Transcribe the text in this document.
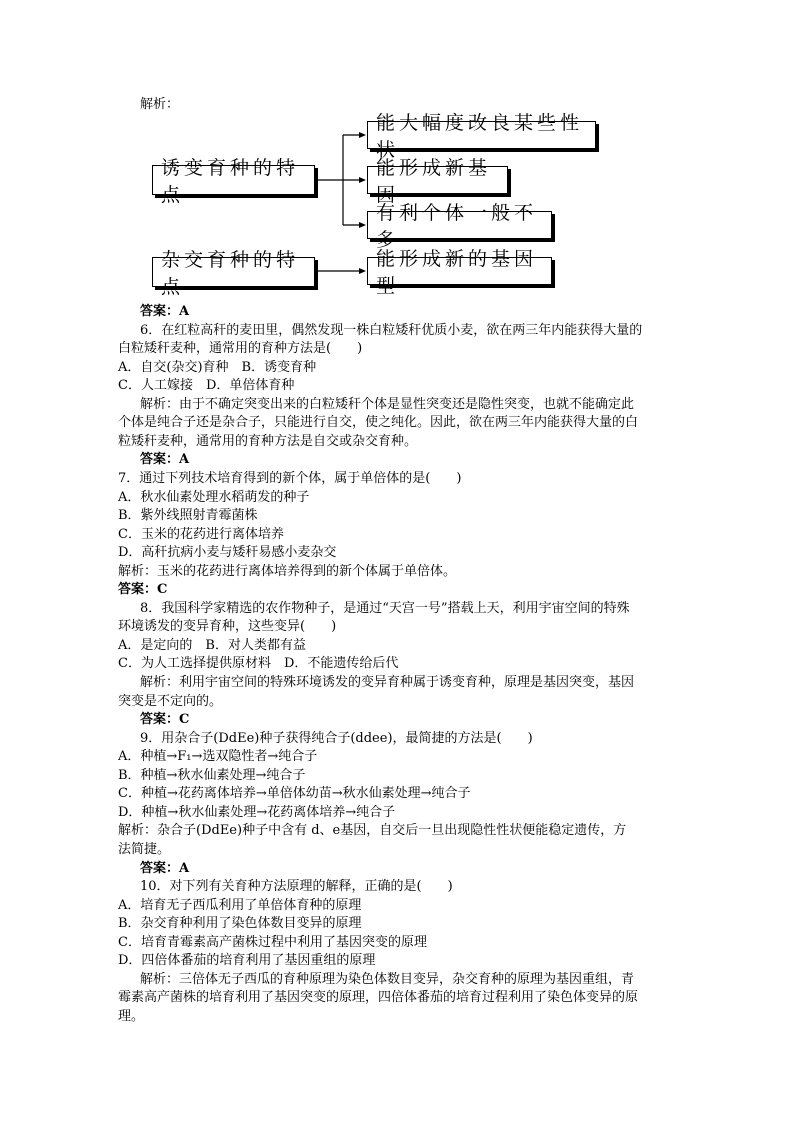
解析：
诱变育种的特点
能大幅度改良某些性状
能形成新基因
有利个体一般不多
杂交育种的特点
能形成新的基因型
答案：A
6．在红粒高秆的麦田里，偶然发现一株白粒矮秆优质小麦，欲在两三年内能获得大量的
白粒矮秆麦种，通常用的育种方法是(　　)
A．自交(杂交)育种　B．诱变育种
C．人工嫁接　D．单倍体育种
解析：由于不确定突变出来的白粒矮秆个体是显性突变还是隐性突变，也就不能确定此
个体是纯合子还是杂合子，只能进行自交，使之纯化。因此，欲在两三年内能获得大量的白
粒矮秆麦种，通常用的育种方法是自交或杂交育种。
答案：A
7．通过下列技术培育得到的新个体，属于单倍体的是(　　)
A．秋水仙素处理水稻萌发的种子
B．紫外线照射青霉菌株
C．玉米的花药进行离体培养
D．高秆抗病小麦与矮秆易感小麦杂交
解析：玉米的花药进行离体培养得到的新个体属于单倍体。
答案：C
8．我国科学家精选的农作物种子，是通过“天宫一号”搭载上天，利用宇宙空间的特殊
环境诱发的变异育种，这些变异(　　)
A．是定向的　B．对人类都有益
C．为人工选择提供原材料　D．不能遗传给后代
解析：利用宇宙空间的特殊环境诱发的变异育种属于诱变育种，原理是基因突变，基因
突变是不定向的。
答案：C
9．用杂合子(DdEe)种子获得纯合子(ddee)，最简捷的方法是(　　)
A．种植→F₁→选双隐性者→纯合子
B．种植→秋水仙素处理→纯合子
C．种植→花药离体培养→单倍体幼苗→秋水仙素处理→纯合子
D．种植→秋水仙素处理→花药离体培养→纯合子
解析：杂合子(DdEe)种子中含有 d、e基因，自交后一旦出现隐性性状便能稳定遗传，方
法简捷。
答案：A
10．对下列有关育种方法原理的解释，正确的是(　　)
A．培育无子西瓜利用了单倍体育种的原理
B．杂交育种利用了染色体数目变异的原理
C．培育青霉素高产菌株过程中利用了基因突变的原理
D．四倍体番茄的培育利用了基因重组的原理
解析：三倍体无子西瓜的育种原理为染色体数目变异，杂交育种的原理为基因重组，青
霉素高产菌株的培育利用了基因突变的原理，四倍体番茄的培育过程利用了染色体变异的原
理。
